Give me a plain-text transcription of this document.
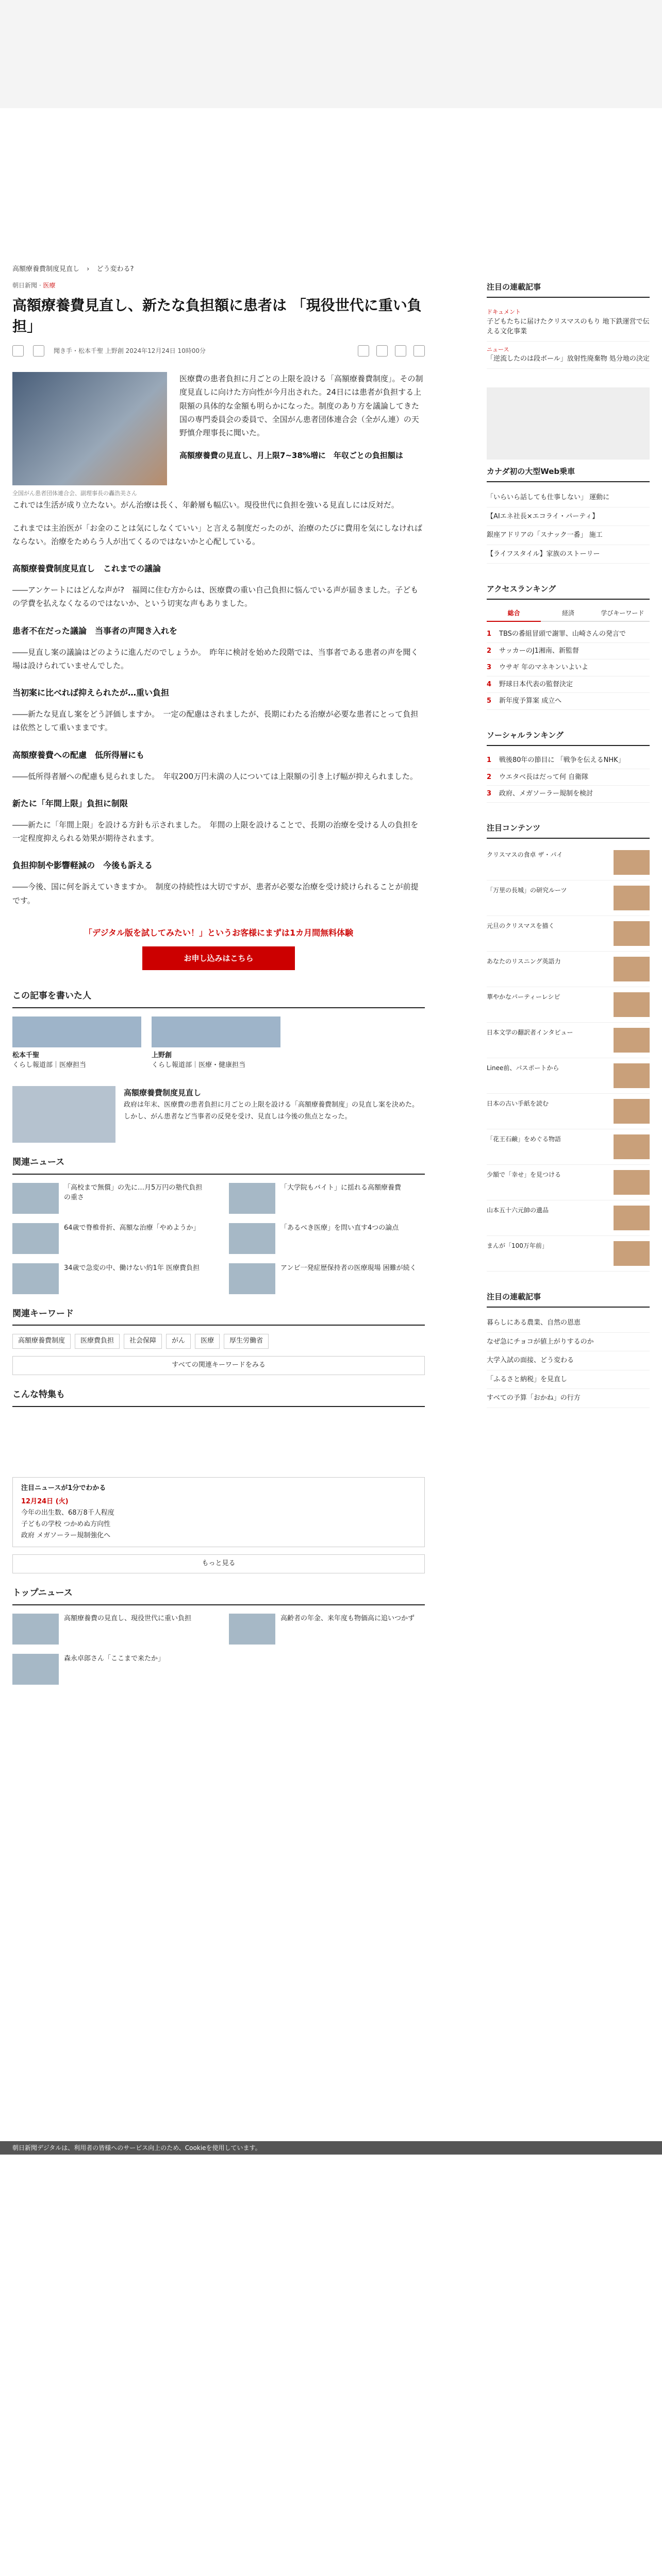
高額療養費制度見直し › どう変わる?
朝日新聞 · 医療
高額療養費見直し、新たな負担額に患者は 「現役世代に重い負担」
聞き手・松本千聖 上野創 2024年12月24日 10時00分
全国がん患者団体連合会、副理事長の轟浩美さん

医療費の患者負担に月ごとの上限を設ける「高額療養費制度」。その制度見直しに向けた方向性が今月出された。24日には患者が負担する上限額の具体的な金額も明らかになった。制度のあり方を議論してきた国の専門委員会の委員で、全国がん患者団体連合会（全がん連）の天野慎介理事長に聞いた。

高額療養費の見直し、月上限7~38%増に　年収ごとの負担額は

これでは生活が成り立たない。がん治療は長く、年齢層も幅広い。現役世代に負担を強いる見直しには反対だ。

これまでは主治医が「お金のことは気にしなくていい」と言える制度だったのが、治療のたびに費用を気にしなければならない。治療をためらう人が出てくるのではないかと心配している。

高額療養費制度見直し　これまでの議論

――アンケートにはどんな声が?　福岡に住む方からは、医療費の重い自己負担に悩んでいる声が届きました。子どもの学費を払えなくなるのではないか、という切実な声もありました。

患者不在だった議論　当事者の声聞き入れを

――見直し案の議論はどのように進んだのでしょうか。　昨年に検討を始めた段階では、当事者である患者の声を聞く場は設けられていませんでした。

当初案に比べれば抑えられたが…重い負担

――新たな見直し案をどう評価しますか。　一定の配慮はされましたが、長期にわたる治療が必要な患者にとって負担は依然として重いままです。

高額療養費への配慮　低所得層にも

――低所得者層への配慮も見られました。　年収200万円未満の人については上限額の引き上げ幅が抑えられました。

新たに「年間上限」負担に制限

――新たに「年間上限」を設ける方針も示されました。　年間の上限を設けることで、長期の治療を受ける人の負担を一定程度抑えられる効果が期待されます。

負担抑制や影響軽減の　今後も訴える

――今後、国に何を訴えていきますか。　制度の持続性は大切ですが、患者が必要な治療を受け続けられることが前提です。

「デジタル版を試してみたい！」というお客様にまずは1カ月間無料体験
お申し込みはこちら
この記事を書いた人
松本千聖
くらし報道部｜医療担当
上野創
くらし報道部｜医療・健康担当
高額療養費制度見直し
政府は年末、医療費の患者負担に月ごとの上限を設ける「高額療養費制度」の見直し案を決めた。しかし、がん患者など当事者の反発を受け、見直しは今後の焦点となった。
関連ニュース
「高校まで無償」の先に…月5万円の塾代負担の重さ
「大学院もバイト」に揺れる高額療養費
64歳で脊椎骨折、高額な治療「やめようか」	「あるべき医療」を問い直す4つの論点
34歳で急変の中、働けない約1年 医療費負担	アンビ一発症歴保持者の医療現場 困難が続く
関連キーワード
高額療養費制度	医療費負担	社会保障	がん	医療	厚生労働省
すべての関連キーワードをみる
こんな特集も
注目ニュースが1分でわかる
12月24日 (火)
今年の出生数、68万8千人程度
子どもの学校 つかめぬ方向性
政府 メガソーラー規制強化へ
もっと見る
トップニュース
高額療養費の見直し、現役世代に重い負担	高齢者の年金、来年度も物価高に追いつかず
森永卓郎さん「ここまで来たか」
注目の連載記事
ドキュメント
子どもたちに届けたクリスマスのもり 地下鉄運営で伝える文化事業
ニュース
「逆流したのは段ボール」放射性廃棄物 処分地の決定
カナダ初の大型Web乗車
「いらいら話しても仕事しない」 運動に
【AIエネ社長×エコライ・パーティ】
銀座アドリアの「スナック一番」 施工
【ライフスタイル】家族のストーリー
アクセスランキング
総合	経済	学びキーワード
1	TBSの番組冒頭で謝罪、山崎さんの発言で
2	サッカーのJ1湘南、新監督
3	ウサギ 年のマネキンいよいよ
4	野球日本代表の監督決定
5	新年度予算案 成立へ
ソーシャルランキング
1	戦後80年の節目に 「戦争を伝えるNHK」
2	ウエタベ長はだって何 自衛隊
3	政府、メガソーラー規制を検討
注目コンテンツ
クリスマスの食卓 ザ・パイ
「万里の長城」の研究ルーツ
元旦のクリスマスを描く
あなたのリスニング英語力
華やかなパーティーレシピ
日本文学の翻訳者インタビュー
Linee前、パスポートから
日本の古い手紙を読む
「花王石鹸」をめぐる物語
少額で「幸せ」を見つける
山本五十六元帥の遺品
まんが「100万年前」
注目の連載記事
暮らしにある農業、自然の恩恵
なぜ急にチョコが値上がりするのか
大学入試の面接、どう変わる
「ふるさと納税」を見直し
すべての予算「おかね」の行方
朝日新聞デジタルは、利用者の皆様へのサービス向上のため、Cookieを使用しています。
